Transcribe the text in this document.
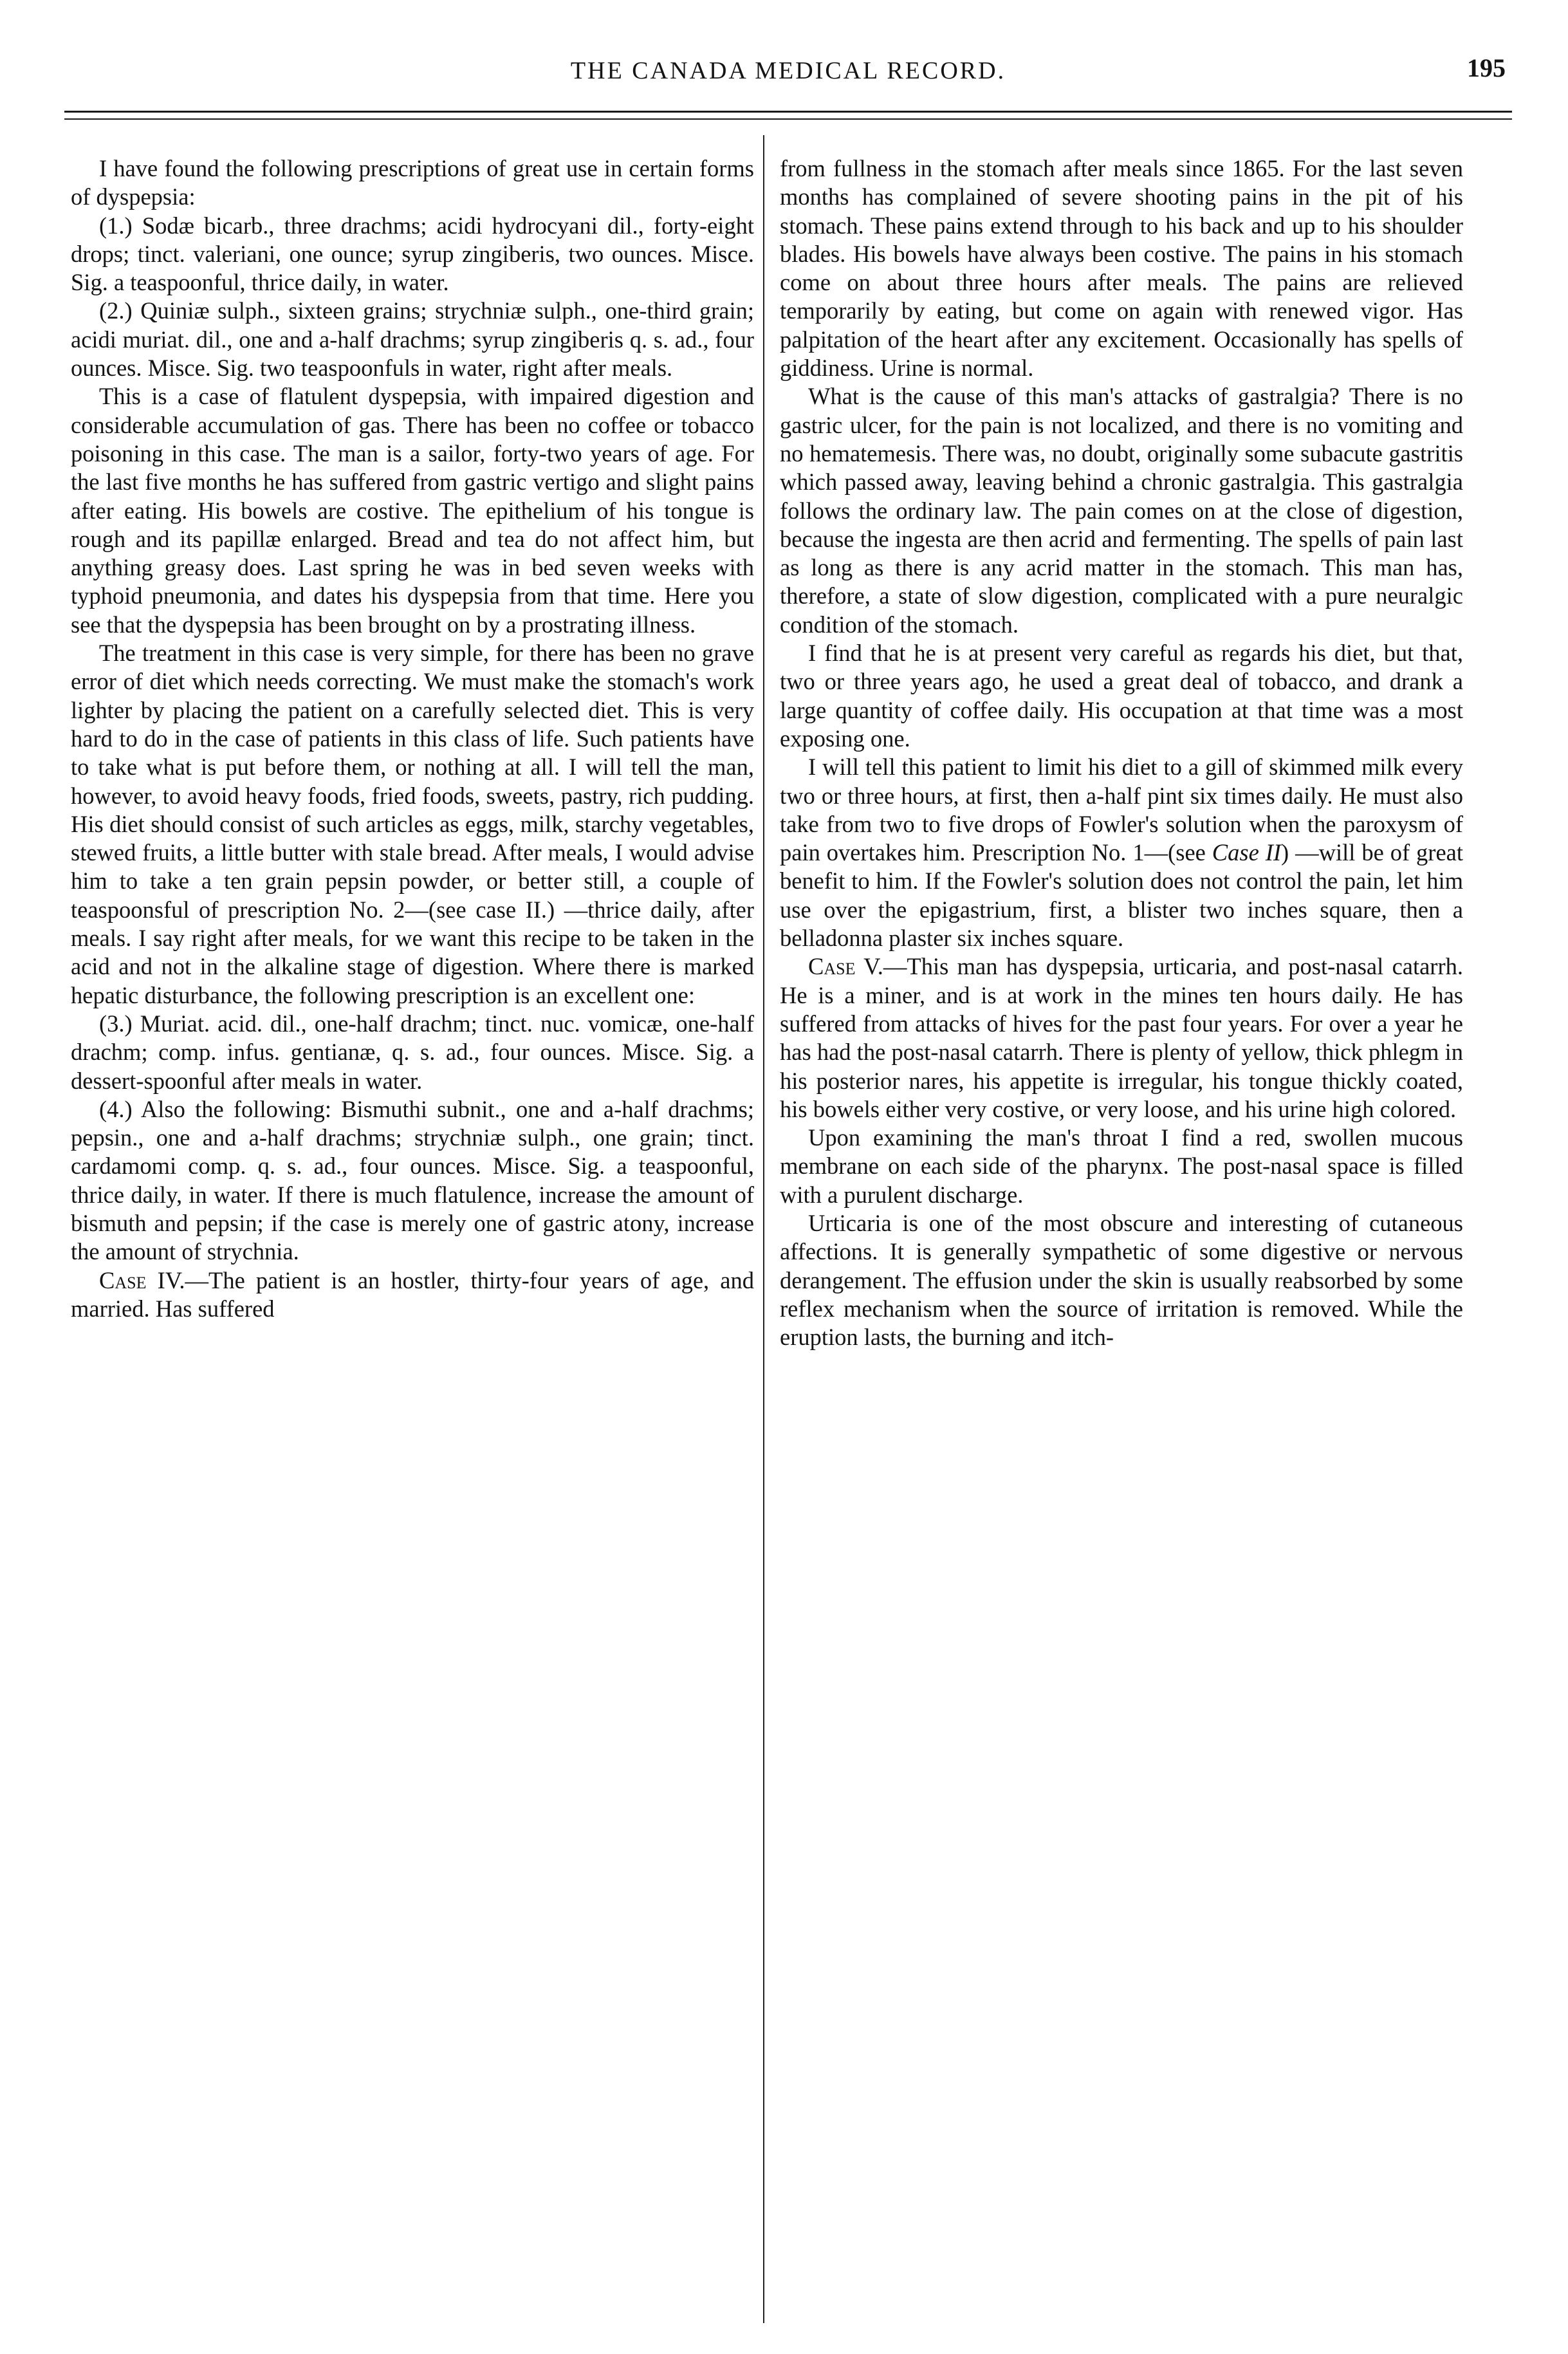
THE CANADA MEDICAL RECORD.	195

I have found the following prescriptions of great use in certain forms of dyspepsia:

(1.) Sodæ bicarb., three drachms; acidi hydrocyani dil., forty-eight drops; tinct. valeriani, one ounce; syrup zingiberis, two ounces. Misce. Sig. a teaspoonful, thrice daily, in water.

(2.) Quiniæ sulph., sixteen grains; strychniæ sulph., one-third grain; acidi muriat. dil., one and a-half drachms; syrup zingiberis q. s. ad., four ounces. Misce. Sig. two teaspoonfuls in water, right after meals.

This is a case of flatulent dyspepsia, with impaired digestion and considerable accumulation of gas. There has been no coffee or tobacco poisoning in this case. The man is a sailor, forty-two years of age. For the last five months he has suffered from gastric vertigo and slight pains after eating. His bowels are costive. The epithelium of his tongue is rough and its papillæ enlarged. Bread and tea do not affect him, but anything greasy does. Last spring he was in bed seven weeks with typhoid pneumonia, and dates his dyspepsia from that time. Here you see that the dyspepsia has been brought on by a prostrating illness.

The treatment in this case is very simple, for there has been no grave error of diet which needs correcting. We must make the stomach's work lighter by placing the patient on a carefully selected diet. This is very hard to do in the case of patients in this class of life. Such patients have to take what is put before them, or nothing at all. I will tell the man, however, to avoid heavy foods, fried foods, sweets, pastry, rich pudding. His diet should consist of such articles as eggs, milk, starchy vegetables, stewed fruits, a little butter with stale bread. After meals, I would advise him to take a ten grain pepsin powder, or better still, a couple of teaspoonsful of prescription No. 2—(see case II.) —thrice daily, after meals. I say right after meals, for we want this recipe to be taken in the acid and not in the alkaline stage of digestion. Where there is marked hepatic disturbance, the following prescription is an excellent one:

(3.) Muriat. acid. dil., one-half drachm; tinct. nuc. vomicæ, one-half drachm; comp. infus. gentianæ, q. s. ad., four ounces. Misce. Sig. a dessert-spoonful after meals in water.

(4.) Also the following: Bismuthi subnit., one and a-half drachms; pepsin., one and a-half drachms; strychniæ sulph., one grain; tinct. cardamomi comp. q. s. ad., four ounces. Misce. Sig. a teaspoonful, thrice daily, in water. If there is much flatulence, increase the amount of bismuth and pepsin; if the case is merely one of gastric atony, increase the amount of strychnia.

Case IV.—The patient is an hostler, thirty-four years of age, and married. Has suffered

from fullness in the stomach after meals since 1865. For the last seven months has complained of severe shooting pains in the pit of his stomach. These pains extend through to his back and up to his shoulder blades. His bowels have always been costive. The pains in his stomach come on about three hours after meals. The pains are relieved temporarily by eating, but come on again with renewed vigor. Has palpitation of the heart after any excitement. Occasionally has spells of giddiness. Urine is normal.

What is the cause of this man's attacks of gastralgia? There is no gastric ulcer, for the pain is not localized, and there is no vomiting and no hematemesis. There was, no doubt, originally some subacute gastritis which passed away, leaving behind a chronic gastralgia. This gastralgia follows the ordinary law. The pain comes on at the close of digestion, because the ingesta are then acrid and fermenting. The spells of pain last as long as there is any acrid matter in the stomach. This man has, therefore, a state of slow digestion, complicated with a pure neuralgic condition of the stomach.

I find that he is at present very careful as regards his diet, but that, two or three years ago, he used a great deal of tobacco, and drank a large quantity of coffee daily. His occupation at that time was a most exposing one.

I will tell this patient to limit his diet to a gill of skimmed milk every two or three hours, at first, then a-half pint six times daily. He must also take from two to five drops of Fowler's solution when the paroxysm of pain overtakes him. Prescription No. 1—(see Case II) —will be of great benefit to him. If the Fowler's solution does not control the pain, let him use over the epigastrium, first, a blister two inches square, then a belladonna plaster six inches square.

Case V.—This man has dyspepsia, urticaria, and post-nasal catarrh. He is a miner, and is at work in the mines ten hours daily. He has suffered from attacks of hives for the past four years. For over a year he has had the post-nasal catarrh. There is plenty of yellow, thick phlegm in his posterior nares, his appetite is irregular, his tongue thickly coated, his bowels either very costive, or very loose, and his urine high colored.

Upon examining the man's throat I find a red, swollen mucous membrane on each side of the pharynx. The post-nasal space is filled with a purulent discharge.

Urticaria is one of the most obscure and interesting of cutaneous affections. It is generally sympathetic of some digestive or nervous derangement. The effusion under the skin is usually reabsorbed by some reflex mechanism when the source of irritation is removed. While the eruption lasts, the burning and itch-
